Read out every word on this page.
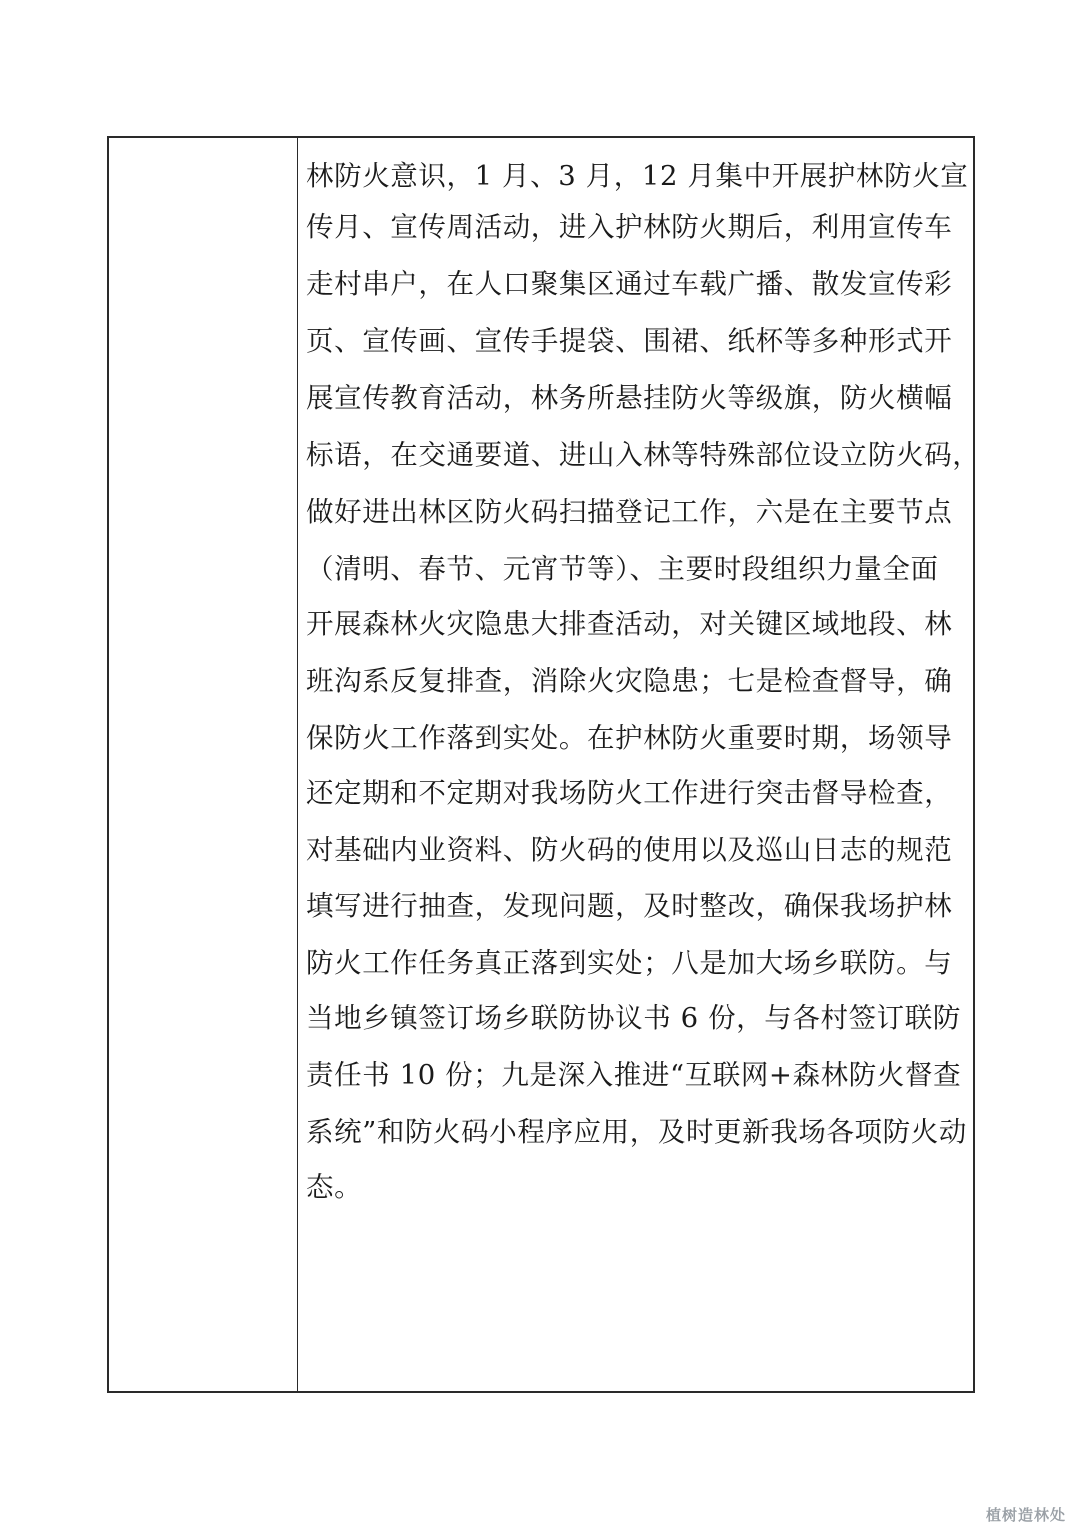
林防火意识，1 月、3 月，12 月集中开展护林防火宣
传月、宣传周活动，进入护林防火期后，利用宣传车
走村串户，在人口聚集区通过车载广播、散发宣传彩
页、宣传画、宣传手提袋、围裙、纸杯等多种形式开
展宣传教育活动，林务所悬挂防火等级旗，防火横幅
标语，在交通要道、进山入林等特殊部位设立防火码，
做好进出林区防火码扫描登记工作，六是在主要节点
（清明、春节、元宵节等）、主要时段组织力量全面
开展森林火灾隐患大排查活动，对关键区域地段、林
班沟系反复排查，消除火灾隐患；七是检查督导，确
保防火工作落到实处。在护林防火重要时期，场领导
还定期和不定期对我场防火工作进行突击督导检查，
对基础内业资料、防火码的使用以及巡山日志的规范
填写进行抽查，发现问题，及时整改，确保我场护林
防火工作任务真正落到实处；八是加大场乡联防。与
当地乡镇签订场乡联防协议书 6 份，与各村签订联防
责任书 10 份；九是深入推进“互联网+森林防火督查
系统”和防火码小程序应用，及时更新我场各项防火动
态。
植树造林处
